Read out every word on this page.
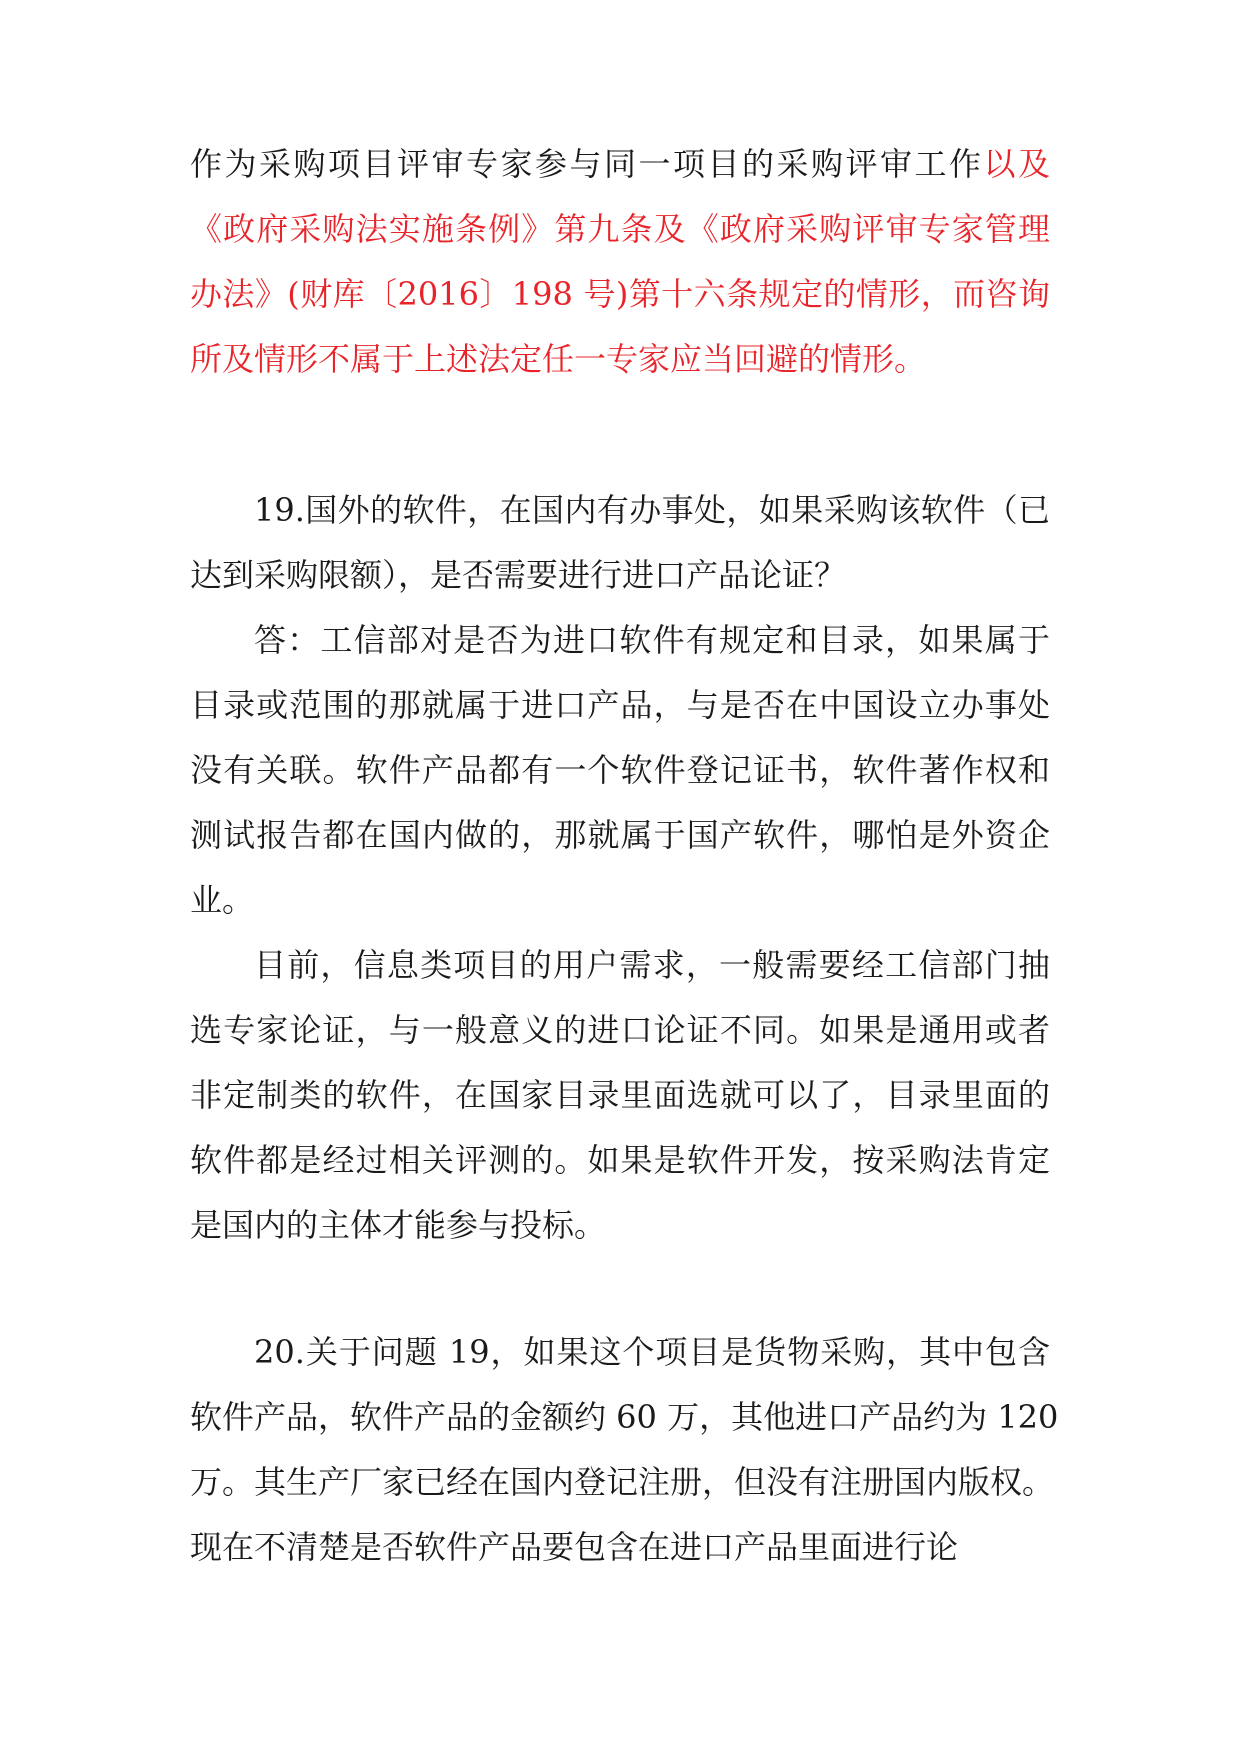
作为采购项目评审专家参与同一项目的采购评审工作以及
《政府采购法实施条例》第九条及《政府采购评审专家管理
办法》(财库〔2016〕198 号)第十六条规定的情形，而咨询
所及情形不属于上述法定任一专家应当回避的情形。
19.国外的软件，在国内有办事处，如果采购该软件（已
达到采购限额），是否需要进行进口产品论证？
答：工信部对是否为进口软件有规定和目录，如果属于
目录或范围的那就属于进口产品，与是否在中国设立办事处
没有关联。软件产品都有一个软件登记证书，软件著作权和
测试报告都在国内做的，那就属于国产软件，哪怕是外资企
业。
目前，信息类项目的用户需求，一般需要经工信部门抽
选专家论证，与一般意义的进口论证不同。如果是通用或者
非定制类的软件，在国家目录里面选就可以了，目录里面的
软件都是经过相关评测的。如果是软件开发，按采购法肯定
是国内的主体才能参与投标。
20.关于问题 19，如果这个项目是货物采购，其中包含
软件产品，软件产品的金额约 60 万，其他进口产品约为 120
万。其生产厂家已经在国内登记注册，但没有注册国内版权。
现在不清楚是否软件产品要包含在进口产品里面进行论
